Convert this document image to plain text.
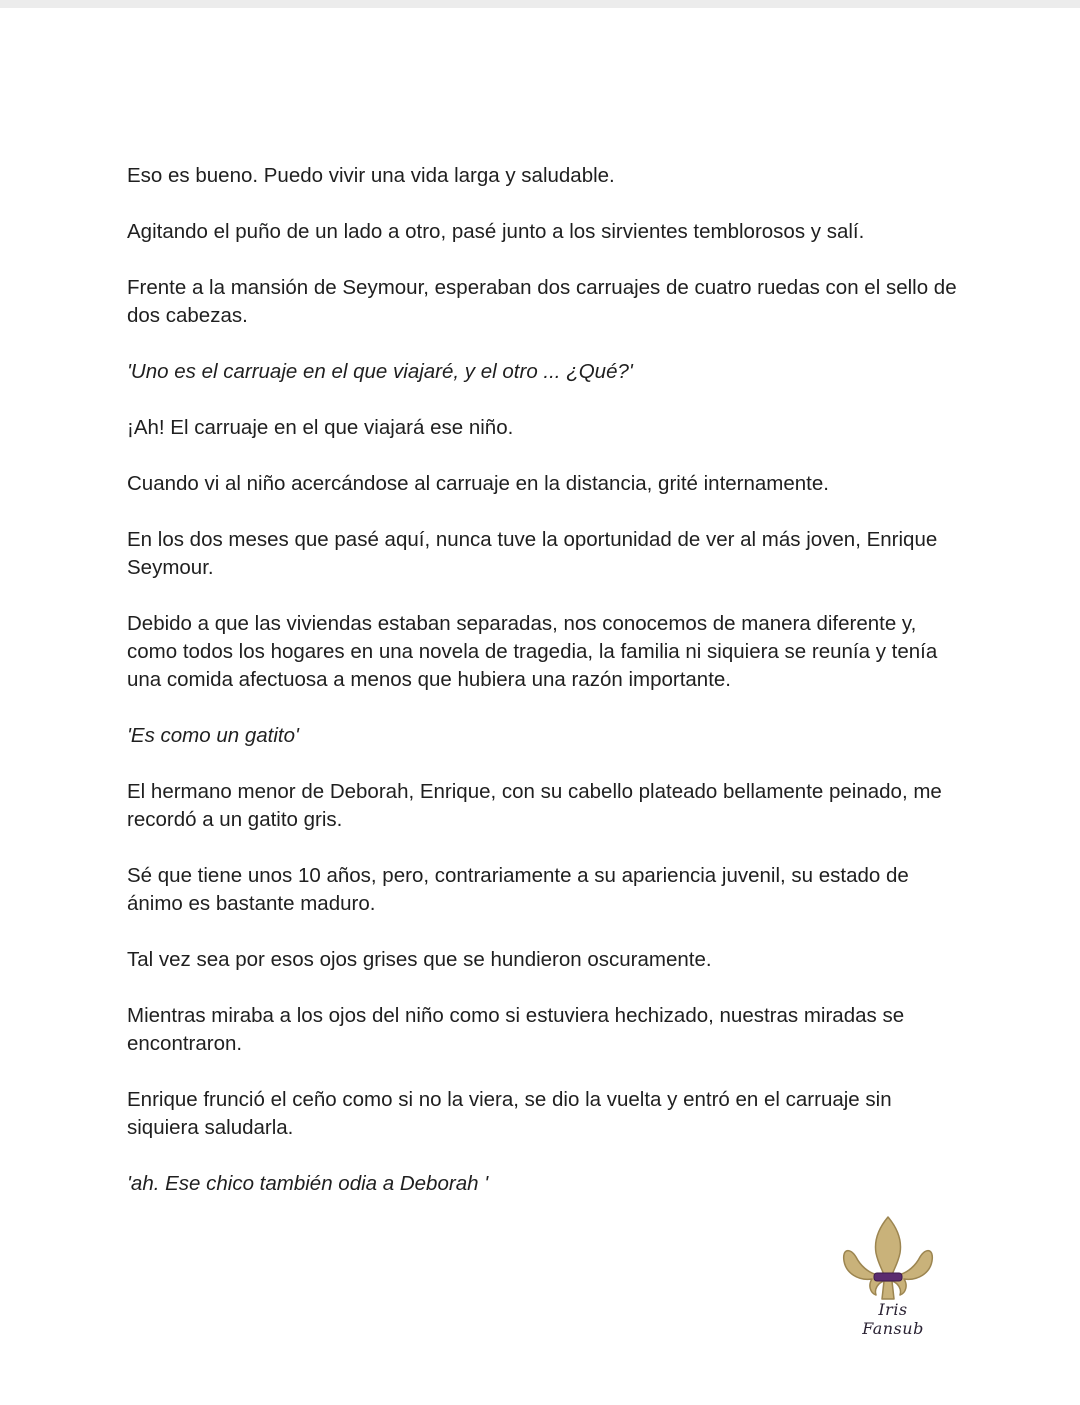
Eso es bueno. Puedo vivir una vida larga y saludable.

Agitando el puño de un lado a otro, pasé junto a los sirvientes temblorosos y salí.

Frente a la mansión de Seymour, esperaban dos carruajes de cuatro ruedas con el sello de dos cabezas.

'Uno es el carruaje en el que viajaré, y el otro ... ¿Qué?'

¡Ah! El carruaje en el que viajará ese niño.

Cuando vi al niño acercándose al carruaje en la distancia, grité internamente.

En los dos meses que pasé aquí, nunca tuve la oportunidad de ver al más joven, Enrique Seymour.

Debido a que las viviendas estaban separadas, nos conocemos de manera diferente y, como todos los hogares en una novela de tragedia, la familia ni siquiera se reunía y tenía una comida afectuosa a menos que hubiera una razón importante.

'Es como un gatito'

El hermano menor de Deborah, Enrique, con su cabello plateado bellamente peinado, me recordó a un gatito gris.

Sé que tiene unos 10 años, pero, contrariamente a su apariencia juvenil, su estado de ánimo es bastante maduro.

Tal vez sea por esos ojos grises que se hundieron oscuramente.

Mientras miraba a los ojos del niño como si estuviera hechizado, nuestras miradas se encontraron.

Enrique frunció el ceño como si no la viera, se dio la vuelta y entró en el carruaje sin siquiera saludarla.

'ah. Ese chico también odia a Deborah '

Iris Fansub
